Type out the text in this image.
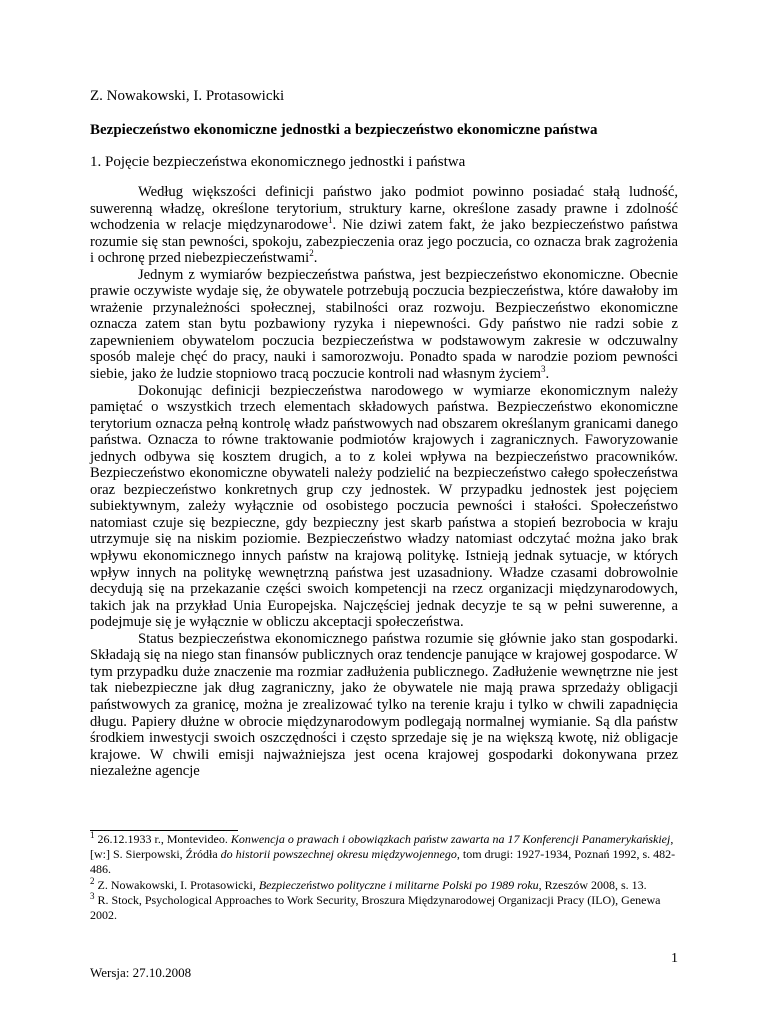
Z. Nowakowski, I. Protasowicki
Bezpieczeństwo ekonomiczne jednostki a bezpieczeństwo ekonomiczne państwa
1. Pojęcie bezpieczeństwa ekonomicznego jednostki i państwa

Według większości definicji państwo jako podmiot powinno posiadać stałą ludność, suwerenną władzę, określone terytorium, struktury karne, określone zasady prawne i zdolność wchodzenia w relacje międzynarodowe$^1$. Nie dziwi zatem fakt, że jako bezpieczeństwo państwa rozumie się stan pewności, spokoju, zabezpieczenia oraz jego poczucia, co oznacza brak zagrożenia i ochronę przed niebezpieczeństwami$^2$.

Jednym z wymiarów bezpieczeństwa państwa, jest bezpieczeństwo ekonomiczne. Obecnie prawie oczywiste wydaje się, że obywatele potrzebują poczucia bezpieczeństwa, które dawałoby im wrażenie przynależności społecznej, stabilności oraz rozwoju. Bezpieczeństwo ekonomiczne oznacza zatem stan bytu pozbawiony ryzyka i niepewności. Gdy państwo nie radzi sobie z zapewnieniem obywatelom poczucia bezpieczeństwa w podstawowym zakresie w odczuwalny sposób maleje chęć do pracy, nauki i samorozwoju. Ponadto spada w narodzie poziom pewności siebie, jako że ludzie stopniowo tracą poczucie kontroli nad własnym życiem$^3$.

Dokonując definicji bezpieczeństwa narodowego w wymiarze ekonomicznym należy pamiętać o wszystkich trzech elementach składowych państwa. Bezpieczeństwo ekonomiczne terytorium oznacza pełną kontrolę władz państwowych nad obszarem określanym granicami danego państwa. Oznacza to równe traktowanie podmiotów krajowych i zagranicznych. Faworyzowanie jednych odbywa się kosztem drugich, a to z kolei wpływa na bezpieczeństwo pracowników. Bezpieczeństwo ekonomiczne obywateli należy podzielić na bezpieczeństwo całego społeczeństwa oraz bezpieczeństwo konkretnych grup czy jednostek. W przypadku jednostek jest pojęciem subiektywnym, zależy wyłącznie od osobistego poczucia pewności i stałości. Społeczeństwo natomiast czuje się bezpieczne, gdy bezpieczny jest skarb państwa a stopień bezrobocia w kraju utrzymuje się na niskim poziomie. Bezpieczeństwo władzy natomiast odczytać można jako brak wpływu ekonomicznego innych państw na krajową politykę. Istnieją jednak sytuacje, w których wpływ innych na politykę wewnętrzną państwa jest uzasadniony. Władze czasami dobrowolnie decydują się na przekazanie części swoich kompetencji na rzecz organizacji międzynarodowych, takich jak na przykład Unia Europejska. Najczęściej jednak decyzje te są w pełni suwerenne, a podejmuje się je wyłącznie w obliczu akceptacji społeczeństwa.

Status bezpieczeństwa ekonomicznego państwa rozumie się głównie jako stan gospodarki. Składają się na niego stan finansów publicznych oraz tendencje panujące w krajowej gospodarce. W tym przypadku duże znaczenie ma rozmiar zadłużenia publicznego. Zadłużenie wewnętrzne nie jest tak niebezpieczne jak dług zagraniczny, jako że obywatele nie mają prawa sprzedaży obligacji państwowych za granicę, można je zrealizować tylko na terenie kraju i tylko w chwili zapadnięcia długu. Papiery dłużne w obrocie międzynarodowym podlegają normalnej wymianie. Są dla państw środkiem inwestycji swoich oszczędności i często sprzedaje się je na większą kwotę, niż obligacje krajowe. W chwili emisji najważniejsza jest ocena krajowej gospodarki dokonywana przez niezależne agencje

$^1$ 26.12.1933 r., Montevideo. Konwencja o prawach i obowiązkach państw zawarta na 17 Konferencji Panamerykańskiej, [w:] S. Sierpowski, Źródła do historii powszechnej okresu międzywojennego, tom drugi: 1927-1934, Poznań 1992, s. 482-486.

$^2$ Z. Nowakowski, I. Protasowicki, Bezpieczeństwo polityczne i militarne Polski po 1989 roku, Rzeszów 2008, s. 13.

$^3$ R. Stock, Psychological Approaches to Work Security, Broszura Międzynarodowej Organizacji Pracy (ILO), Genewa 2002.

1
Wersja: 27.10.2008
